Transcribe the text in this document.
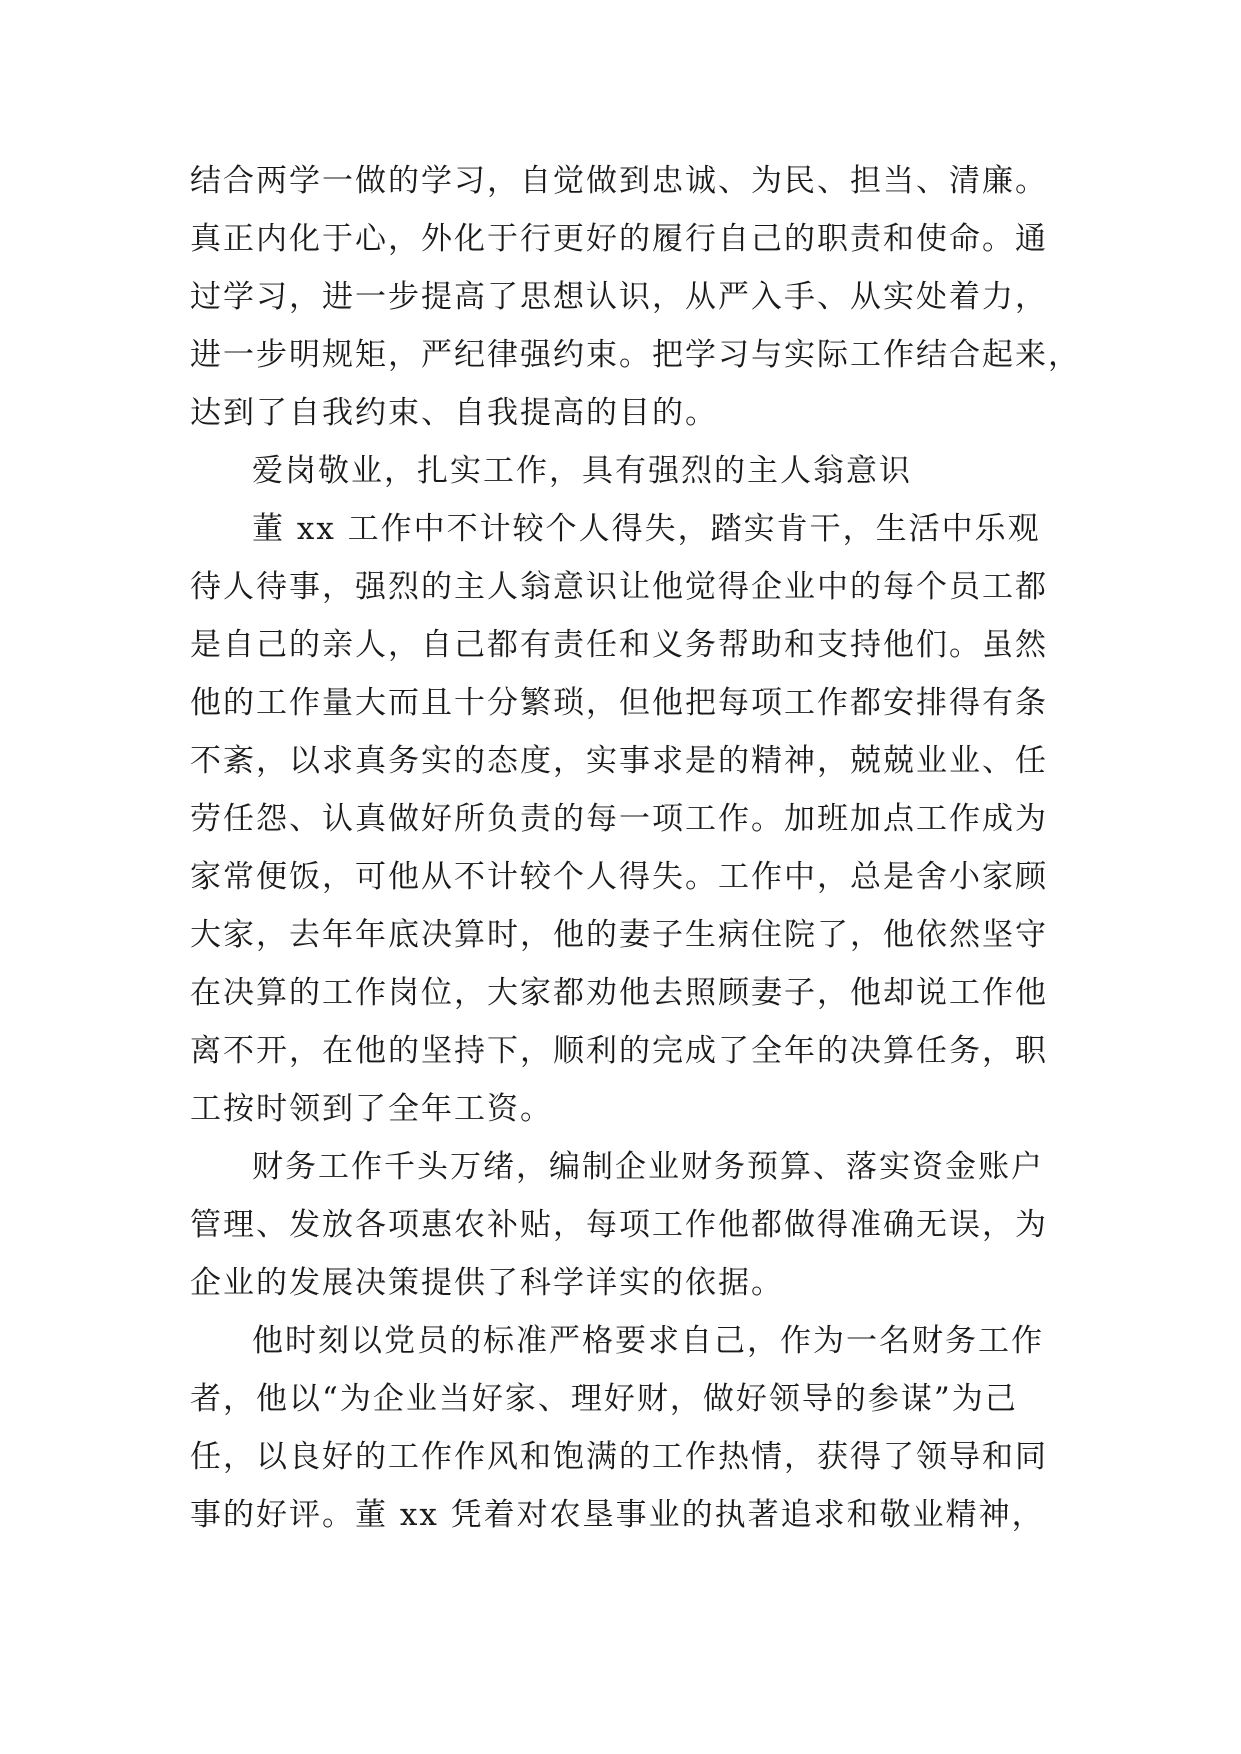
结合两学一做的学习，自觉做到忠诚、为民、担当、清廉。
真正内化于心，外化于行更好的履行自己的职责和使命。通
过学习，进一步提高了思想认识，从严入手、从实处着力，
进一步明规矩，严纪律强约束。把学习与实际工作结合起来，
达到了自我约束、自我提高的目的。
爱岗敬业，扎实工作，具有强烈的主人翁意识
董 xx 工作中不计较个人得失，踏实肯干，生活中乐观
待人待事，强烈的主人翁意识让他觉得企业中的每个员工都
是自己的亲人，自己都有责任和义务帮助和支持他们。虽然
他的工作量大而且十分繁琐，但他把每项工作都安排得有条
不紊，以求真务实的态度，实事求是的精神，兢兢业业、任
劳任怨、认真做好所负责的每一项工作。加班加点工作成为
家常便饭，可他从不计较个人得失。工作中，总是舍小家顾
大家，去年年底决算时，他的妻子生病住院了，他依然坚守
在决算的工作岗位，大家都劝他去照顾妻子，他却说工作他
离不开，在他的坚持下，顺利的完成了全年的决算任务，职
工按时领到了全年工资。
财务工作千头万绪，编制企业财务预算、落实资金账户
管理、发放各项惠农补贴，每项工作他都做得准确无误，为
企业的发展决策提供了科学详实的依据。
他时刻以党员的标准严格要求自己，作为一名财务工作
者，他以“为企业当好家、理好财，做好领导的参谋”为己
任，以良好的工作作风和饱满的工作热情，获得了领导和同
事的好评。董 xx 凭着对农垦事业的执著追求和敬业精神，
